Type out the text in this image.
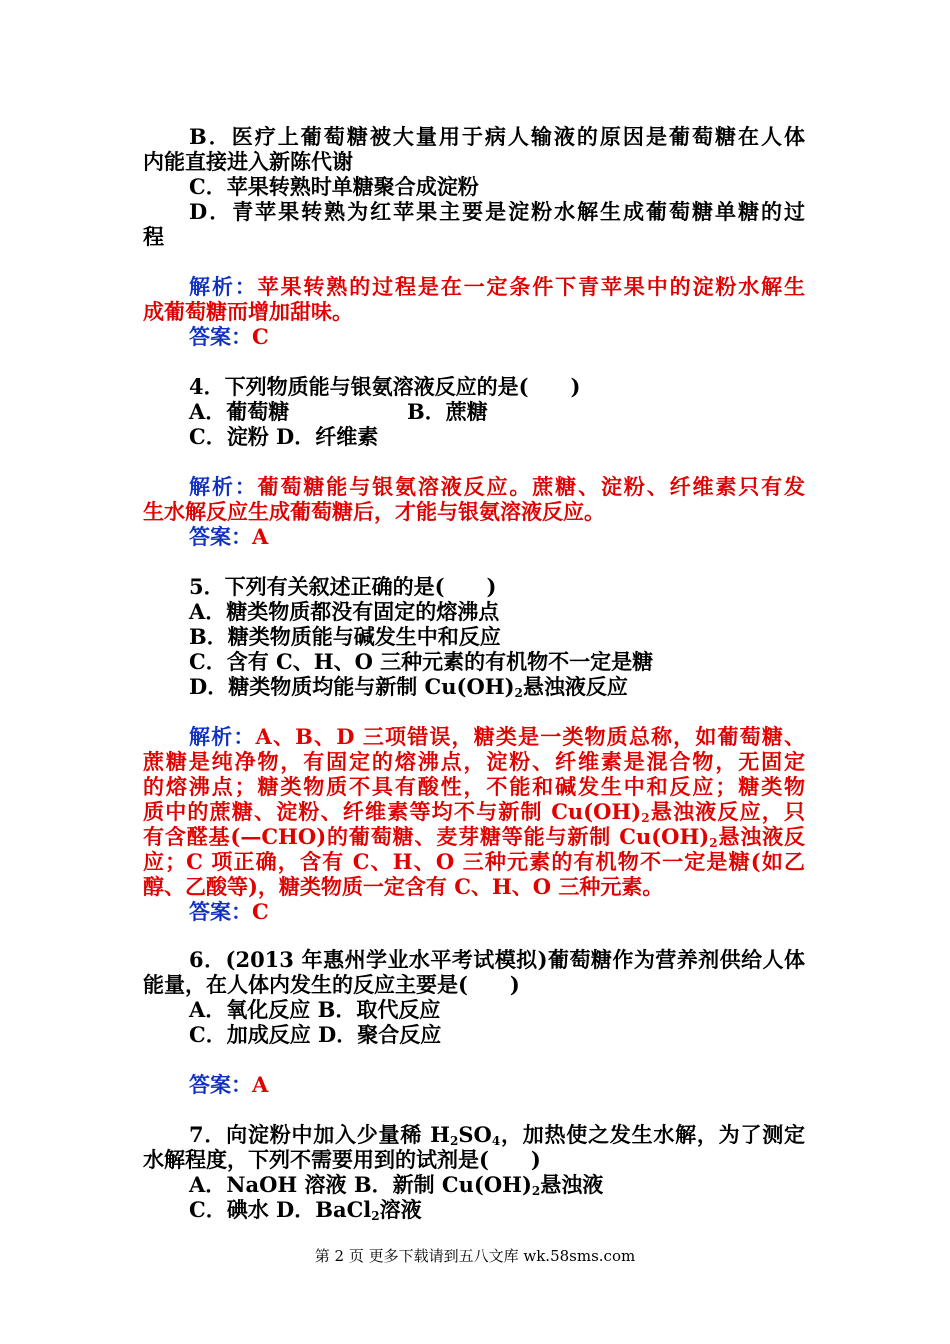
B．医疗上葡萄糖被大量用于病人输液的原因是葡萄糖在人体
内能直接进入新陈代谢
C．苹果转熟时单糖聚合成淀粉
D．青苹果转熟为红苹果主要是淀粉水解生成葡萄糖单糖的过
程
解析：苹果转熟的过程是在一定条件下青苹果中的淀粉水解生
成葡萄糖而增加甜味。
答案：C
4．下列物质能与银氨溶液反应的是(　　)
A．葡萄糖	B．蔗糖
C．淀粉 D．纤维素
解析：葡萄糖能与银氨溶液反应。蔗糖、淀粉、纤维素只有发
生水解反应生成葡萄糖后，才能与银氨溶液反应。
答案：A
5．下列有关叙述正确的是(　　)
A．糖类物质都没有固定的熔沸点
B．糖类物质能与碱发生中和反应
C．含有 C、H、O 三种元素的有机物不一定是糖
D．糖类物质均能与新制 $Cu(OH)_2$悬浊液反应
解析：A、B、D 三项错误，糖类是一类物质总称，如葡萄糖、
蔗糖是纯净物，有固定的熔沸点，淀粉、纤维素是混合物，无固定
的熔沸点；糖类物质不具有酸性，不能和碱发生中和反应；糖类物
质中的蔗糖、淀粉、纤维素等均不与新制 $Cu(OH)_2$悬浊液反应，只
有含醛基(—CHO)的葡萄糖、麦芽糖等能与新制 $Cu(OH)_2$悬浊液反
应；C 项正确，含有 C、H、O 三种元素的有机物不一定是糖(如乙
醇、乙酸等)，糖类物质一定含有 C、H、O 三种元素。
答案：C
6．(2013 年惠州学业水平考试模拟)葡萄糖作为营养剂供给人体
能量，在人体内发生的反应主要是(　　)
A．氧化反应 B．取代反应
C．加成反应 D．聚合反应
答案：A
7．向淀粉中加入少量稀 $H_2SO_4$，加热使之发生水解，为了测定
水解程度，下列不需要用到的试剂是(　　)
A．NaOH 溶液 B．新制 $Cu(OH)_2$悬浊液
C．碘水 D．BaCl$_2$溶液
第 2 页 更多下载请到五八文库 wk.58sms.com
